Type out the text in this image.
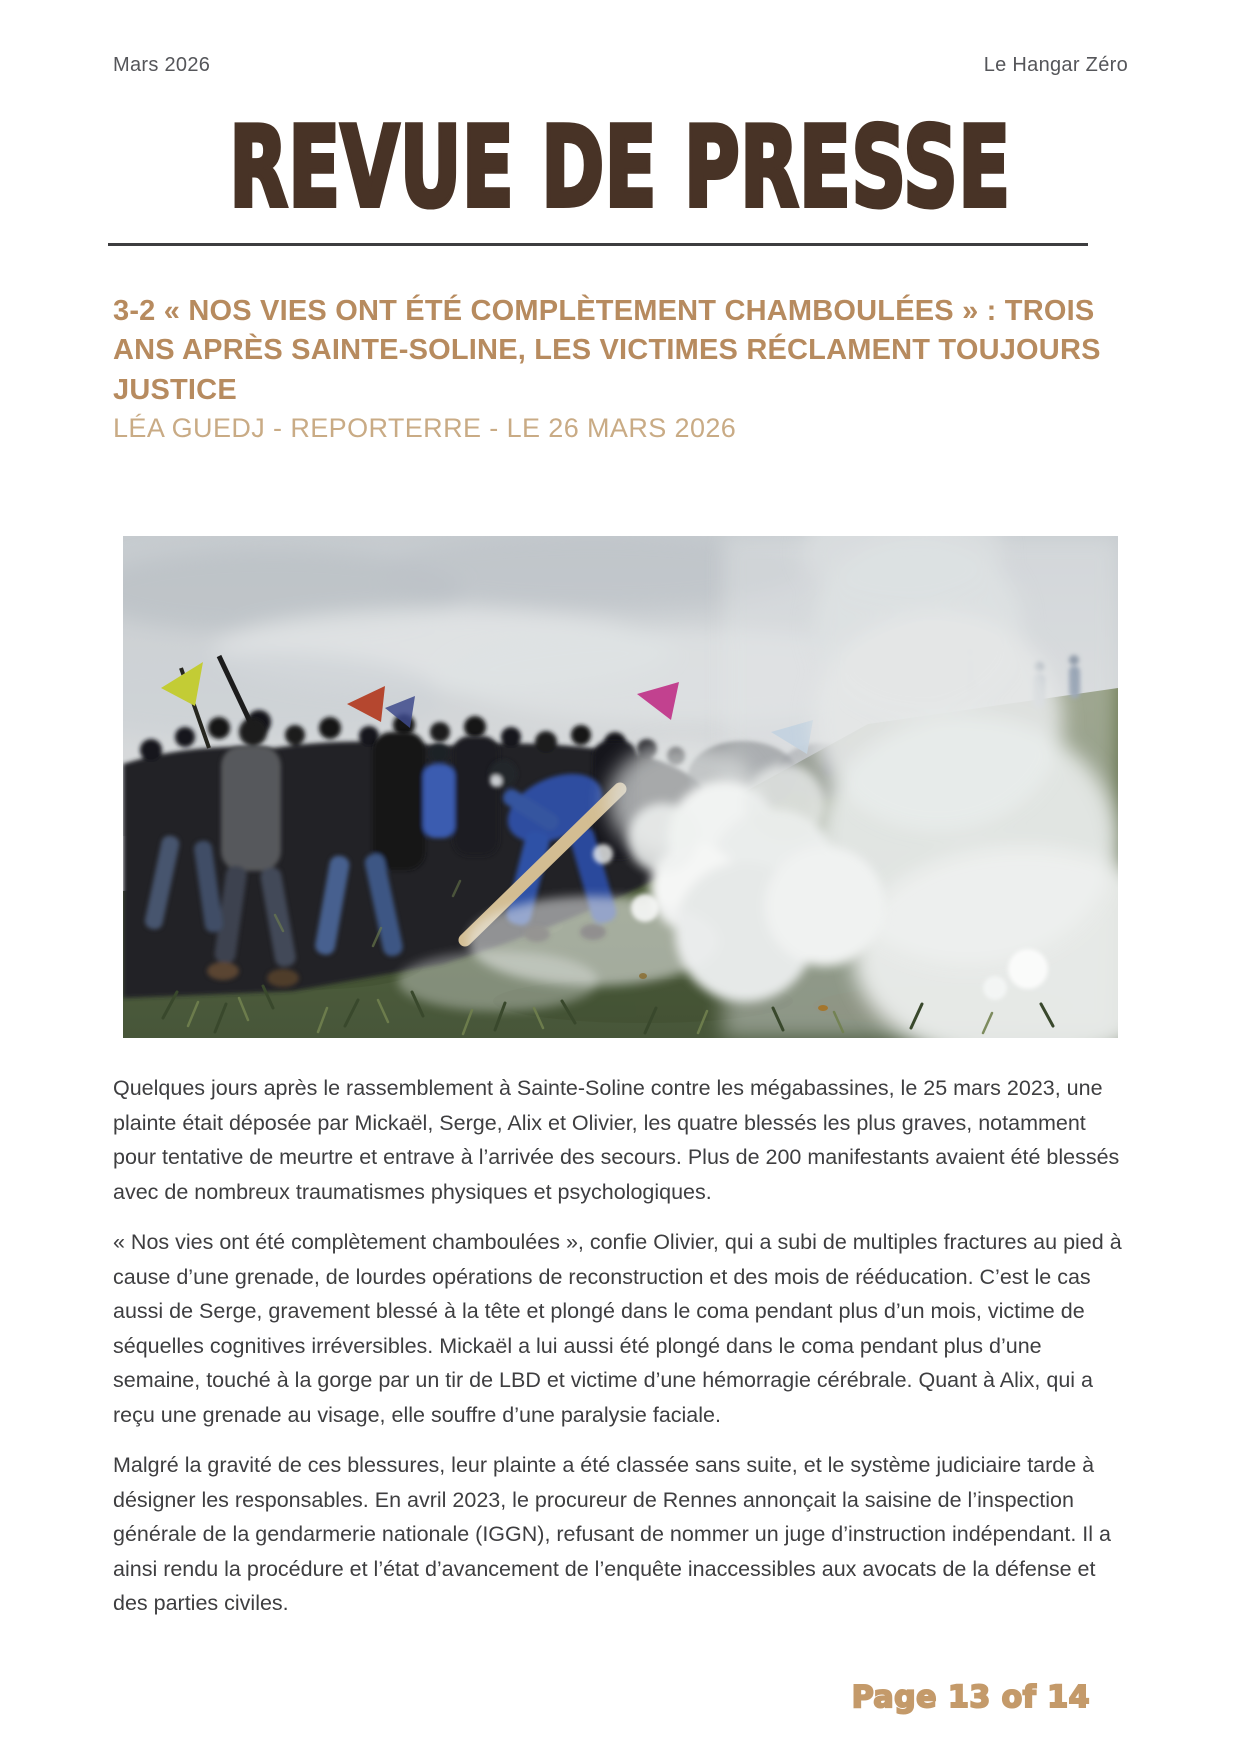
Mars 2026	Le Hangar Zéro
REVUE DE PRESSE
3-2 « NOS VIES ONT ÉTÉ COMPLÈTEMENT CHAMBOULÉES » : TROIS ANS APRÈS SAINTE-SOLINE, LES VICTIMES RÉCLAMENT TOUJOURS JUSTICE
LÉA GUEDJ - REPORTERRE - LE 26 MARS 2026

Quelques jours après le rassemblement à Sainte-Soline contre les mégabassines, le 25 mars 2023, une plainte était déposée par Mickaël, Serge, Alix et Olivier, les quatre blessés les plus graves, notamment pour tentative de meurtre et entrave à l’arrivée des secours. Plus de 200 manifestants avaient été blessés avec de nombreux traumatismes physiques et psychologiques.

« Nos vies ont été complètement chamboulées », confie Olivier, qui a subi de multiples fractures au pied à cause d’une grenade, de lourdes opérations de reconstruction et des mois de rééducation. C’est le cas aussi de Serge, gravement blessé à la tête et plongé dans le coma pendant plus d’un mois, victime de séquelles cognitives irréversibles. Mickaël a lui aussi été plongé dans le coma pendant plus d’une semaine, touché à la gorge par un tir de LBD et victime d’une hémorragie cérébrale. Quant à Alix, qui a reçu une grenade au visage, elle souffre d’une paralysie faciale.

Malgré la gravité de ces blessures, leur plainte a été classée sans suite, et le système judiciaire tarde à désigner les responsables. En avril 2023, le procureur de Rennes annonçait la saisine de l’inspection générale de la gendarmerie nationale (IGGN), refusant de nommer un juge d’instruction indépendant. Il a ainsi rendu la procédure et l’état d’avancement de l’enquête inaccessibles aux avocats de la défense et des parties civiles.

Page 13 of 14
